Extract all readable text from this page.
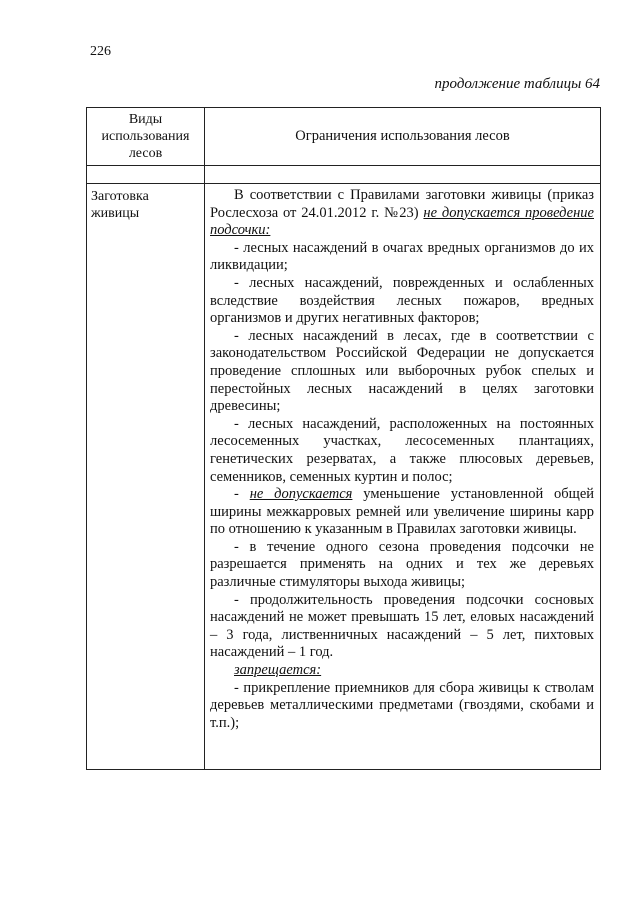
226
продолжение таблицы 64
Виды
использования
лесов
Ограничения использования лесов
Заготовка
живицы

В соответствии с Правилами заготовки живицы (приказ Рослесхоза от 24.01.2012 г. №23) не допускается проведение подсочки:

- лесных насаждений в очагах вредных организмов до их ликвидации;

- лесных насаждений, поврежденных и ослабленных вследствие воздействия лесных пожаров, вредных организмов и других негативных факторов;

- лесных насаждений в лесах, где в соответствии с законодательством Российской Федерации не допускается проведение сплошных или выборочных рубок спелых и перестойных лесных насаждений в целях заготовки древесины;

- лесных насаждений, расположенных на постоянных лесосеменных участках, лесосеменных плантациях, генетических резерватах, а также плюсовых деревьев, семенников, семенных куртин и полос;

- не допускается уменьшение установленной общей ширины межкарровых ремней или увеличение ширины карр по отношению к указанным в Правилах заготовки живицы.

- в течение одного сезона проведения подсочки не разрешается применять на одних и тех же деревьях различные стимуляторы выхода живицы;

- продолжительность проведения подсочки сосновых насаждений не может превышать 15 лет, еловых насаждений – 3 года, лиственничных насаждений – 5 лет, пихтовых насаждений – 1 год.

запрещается:

- прикрепление приемников для сбора живицы к стволам деревьев металлическими предметами (гвоздями, скобами и т.п.);
